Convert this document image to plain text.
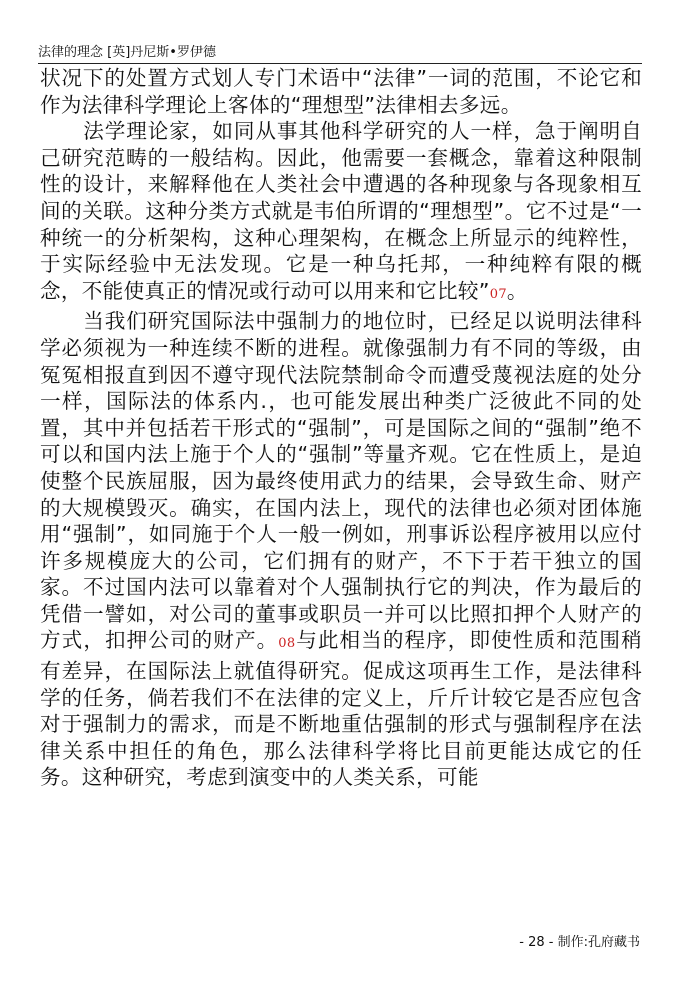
法律的理念 [英]丹尼斯•罗伊德

状况下的处置方式划人专门术语中“法律”一词的范围，不论它和作为法律科学理论上客体的“理想型”法律相去多远。

法学理论家，如同从事其他科学研究的人一样，急于阐明自己研究范畴的一般结构。因此，他需要一套概念，靠着这种限制性的设计，来解释他在人类社会中遭遇的各种现象与各现象相互间的关联。这种分类方式就是韦伯所谓的“理想型”。它不过是“一种统一的分析架构，这种心理架构，在概念上所显示的纯粹性，于实际经验中无法发现。它是一种乌托邦，一种纯粹有限的概念，不能使真正的情况或行动可以用来和它比较”07。

当我们研究国际法中强制力的地位时，已经足以说明法律科学必须视为一种连续不断的进程。就像强制力有不同的等级，由冤冤相报直到因不遵守现代法院禁制命令而遭受蔑视法庭的处分一样，国际法的体系内.，也可能发展出种类广泛彼此不同的处置，其中并包括若干形式的“强制”，可是国际之间的“强制”绝不可以和国内法上施于个人的“强制”等量齐观。它在性质上，是迫使整个民族屈服，因为最终使用武力的结果，会导致生命、财产的大规模毁灭。确实，在国内法上，现代的法律也必须对团体施用“强制”，如同施于个人一般一例如，刑事诉讼程序被用以应付许多规模庞大的公司，它们拥有的财产，不下于若干独立的国家。不过国内法可以靠着对个人强制执行它的判决，作为最后的凭借一譬如，对公司的董事或职员一并可以比照扣押个人财产的方式，扣押公司的财产。08与此相当的程序，即使性质和范围稍有差异，在国际法上就值得研究。促成这项再生工作，是法律科学的任务，倘若我们不在法律的定义上，斤斤计较它是否应包含对于强制力的需求，而是不断地重估强制的形式与强制程序在法律关系中担任的角色，那么法律科学将比目前更能达成它的任务。这种研究，考虑到演变中的人类关系，可能

- 28 - 制作:孔府藏书
